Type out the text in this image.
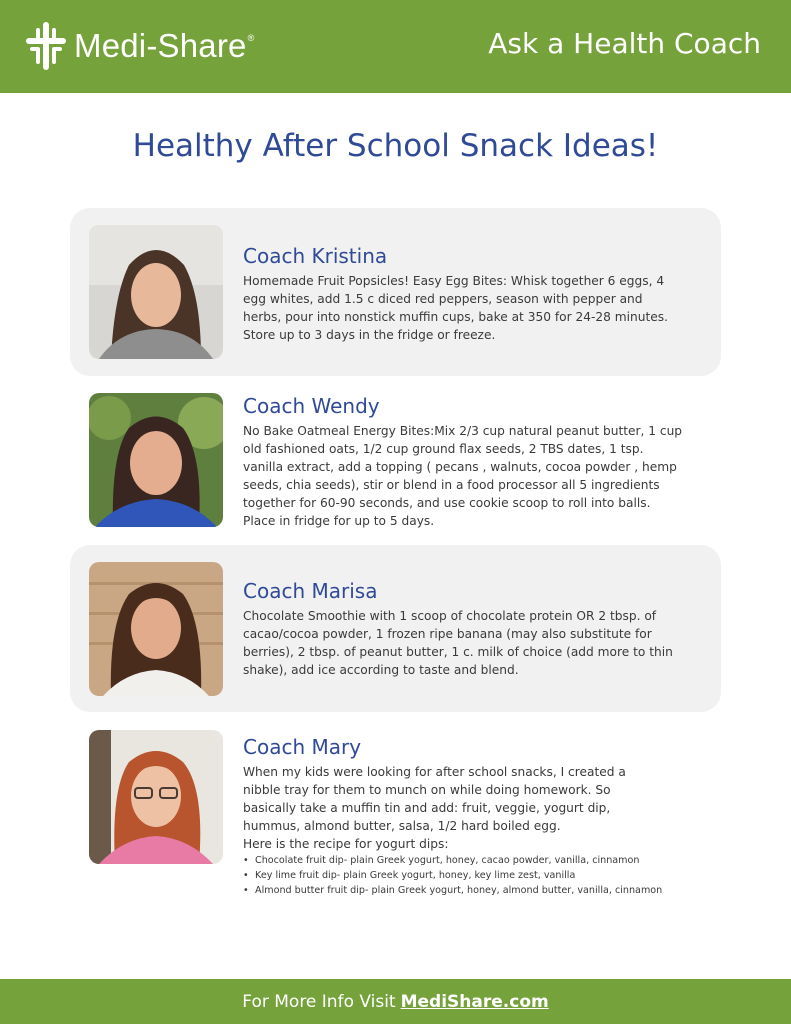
Medi-Share®	Ask a Health Coach
Healthy After School Snack Ideas!
Coach Kristina
Homemade Fruit Popsicles! Easy Egg Bites: Whisk together 6 eggs, 4 egg whites, add 1.5 c diced red peppers, season with pepper and herbs, pour into nonstick muffin cups, bake at 350 for 24-28 minutes. Store up to 3 days in the fridge or freeze.
Coach Wendy
No Bake Oatmeal Energy Bites:Mix 2/3 cup natural peanut butter, 1 cup old fashioned oats, 1/2 cup ground flax seeds, 2 TBS dates, 1 tsp. vanilla extract, add a topping ( pecans , walnuts, cocoa powder , hemp seeds, chia seeds), stir or blend in a food processor all 5 ingredients together for 60-90 seconds, and use cookie scoop to roll into balls. Place in fridge for up to 5 days.
Coach Marisa
Chocolate Smoothie with 1 scoop of chocolate protein OR 2 tbsp. of cacao/cocoa powder, 1 frozen ripe banana (may also substitute for berries), 2 tbsp. of peanut butter, 1 c. milk of choice (add more to thin shake), add ice according to taste and blend.
Coach Mary

When my kids were looking for after school snacks, I created a nibble tray for them to munch on while doing homework. So basically take a muffin tin and add: fruit, veggie, yogurt dip, hummus, almond butter, salsa, 1/2 hard boiled egg.

Here is the recipe for yogurt dips:

• Chocolate fruit dip- plain Greek yogurt, honey, cacao powder, vanilla, cinnamon
• Key lime fruit dip- plain Greek yogurt, honey, key lime zest, vanilla
• Almond butter fruit dip- plain Greek yogurt, honey, almond butter, vanilla, cinnamon
For More Info Visit MediShare.com
